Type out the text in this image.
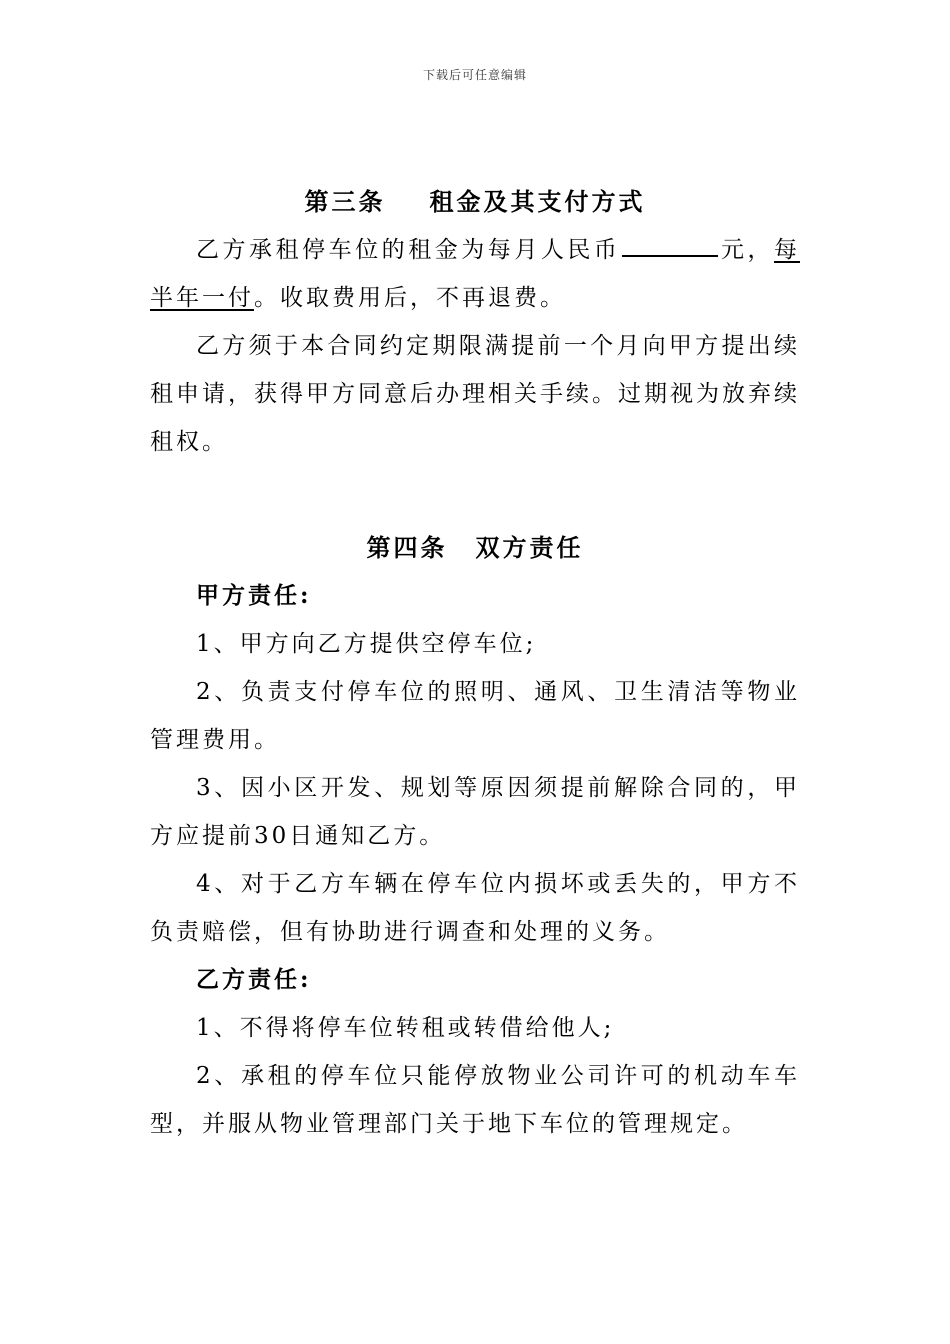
下载后可任意编辑
第三条 租金及其支付方式

乙方承租停车位的租金为每月人民币	元，每半年一付。收取费用后，不再退费。

乙方须于本合同约定期限满提前一个月向甲方提出续租申请，获得甲方同意后办理相关手续。过期视为放弃续租权。

第四条 双方责任

甲方责任:

1、甲方向乙方提供空停车位;

2、负责支付停车位的照明、通风、卫生清洁等物业管理费用。

3、因小区开发、规划等原因须提前解除合同的，甲方应提前30日通知乙方。

4、对于乙方车辆在停车位内损坏或丢失的，甲方不负责赔偿，但有协助进行调查和处理的义务。

乙方责任:

1、不得将停车位转租或转借给他人;

2、承租的停车位只能停放物业公司许可的机动车车型，并服从物业管理部门关于地下车位的管理规定。
